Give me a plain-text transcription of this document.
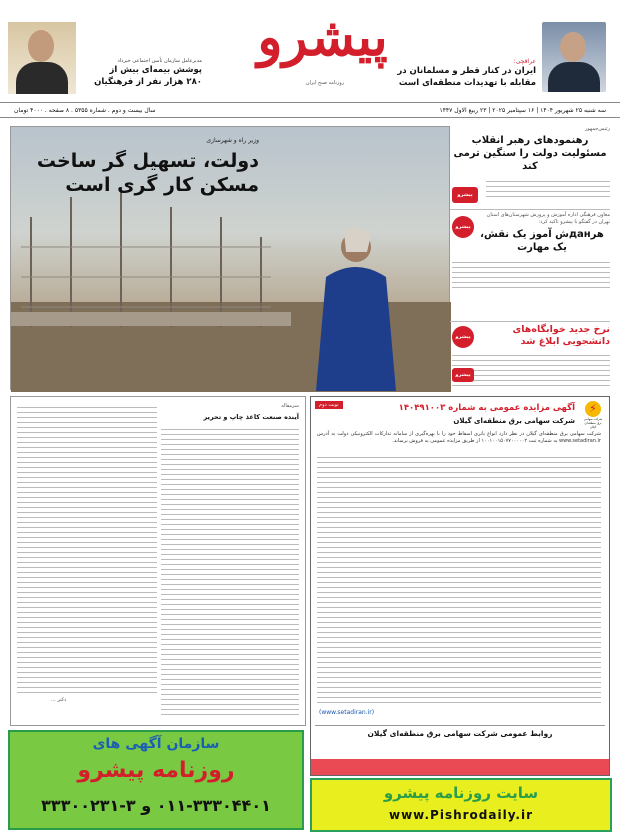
عراقچی:
ایران در کنار قطر و مسلمانان در
مقابله با تهدیدات منطقه‌ای است
پیشرو
روزنامه صبح ایران
مدیرعامل سازمان تأمین اجتماعی خبرداد
پوشش بیمه‌ای بیش از
۲۸۰ هزار نفر از فرهنگیان
سه شنبه ۲۵ شهریور ۱۴۰۴ | ۱۶ سپتامبر ۲۰۲۵ | ۲۳ ربیع الاول ۱۴۴۷
سال بیست و دوم . شماره ۵۳۵۵ . ۸ صفحه . ۴۰۰۰ تومان
وزیر راه و شهرسازی
دولت، تسهیل گر ساخت
مسکن کار گری است
رئیس‌جمهور
رهنمودهای رهبر انقلاب مسئولیت دولت را سنگین ترمی کند
پیشرو
معاون فرهنگی اداره آموزش و پرورش شهرستان‌های استان تهران در گفتگو با پیشرو تاکید کرد:
هرданش آموز یک نقش، یک مهارت
پیشرو
نرخ جدید خوابگاه‌های دانشجویی ابلاغ شد
پیشرو
پیشرو
⚡
شرکت سهامی برق منطقه‌ای گیلان
نوبت دوم	آگهی مزایده عمومی به شماره ۱۴۰۴۹۱۰۰۳
شرکت سهامی برق منطقه‌ای گیلان
شرکت سهامی برق منطقه‌ای گیلان در نظر دارد انواع باتری اسقاط خود را با بهره‌گیری از سامانه تدارکات الکترونیکی دولت به آدرس www.setadiran.ir به شماره ثبت ۱۰۰۱۰۰۱۵۰۷۷۰۰۰۰۰۲ از طریق مزایده عمومی به فروش برساند.
(www.setadiran.ir)
روابط عمومی شرکت سهامی برق منطقه‌ای گیلان
سرمقاله
آینده صنعت کاغذ چاپ و تحریر
دکتر ...
سازمان آگهی های
روزنامه پیشرو
۰۱۱-۳۳۳۰۴۴۰۱ و ۳-۳۳۳۰۰۲۳۱
سایت روزنامه پیشرو
www.Pishrodaily.ir
